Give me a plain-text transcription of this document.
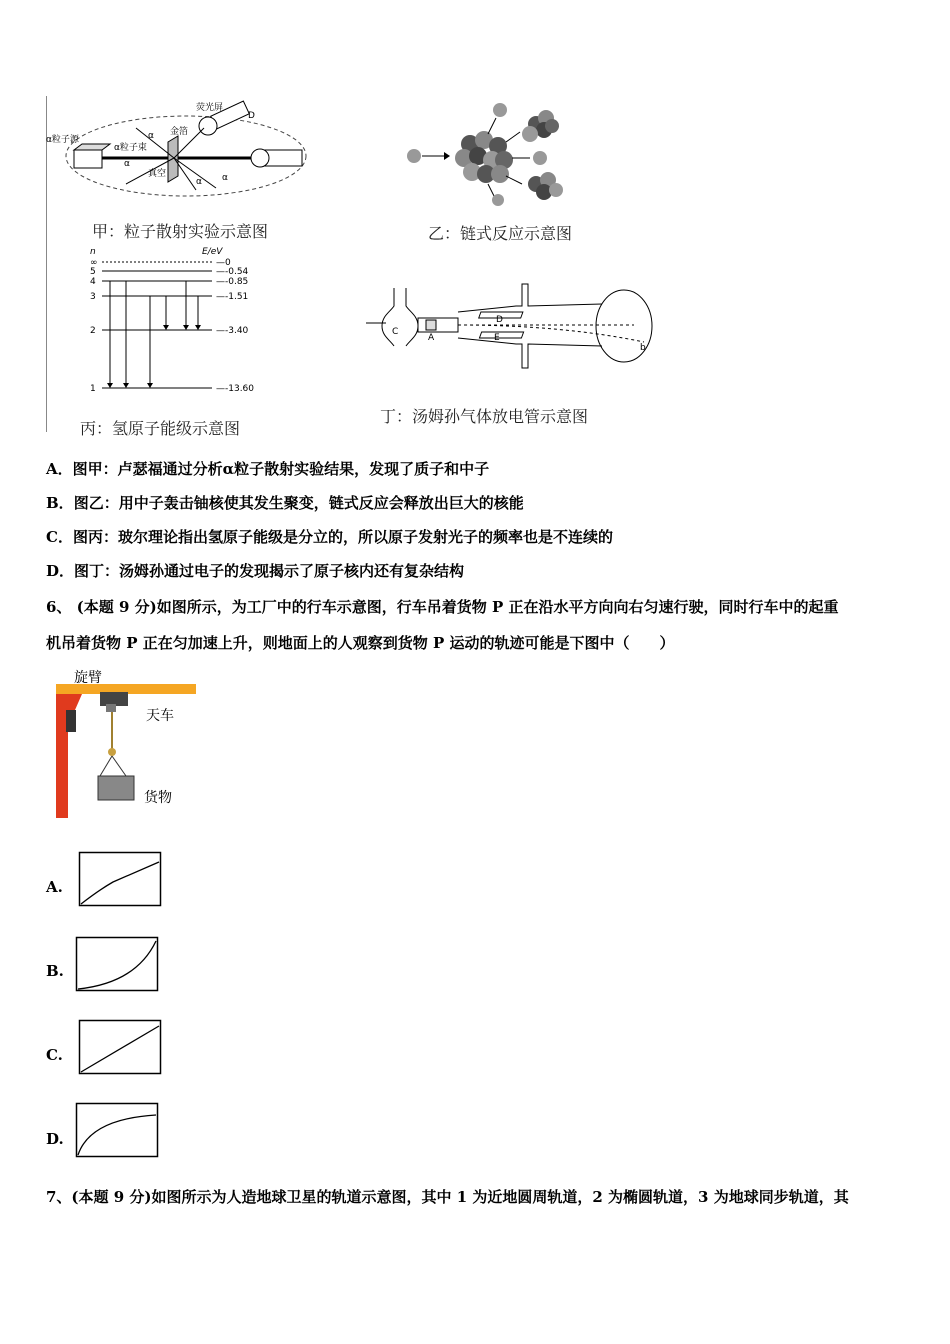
α粒子源
荧光屏
金箔
α粒子束
真空
α
α
α α
D
甲：粒子散射实验示意图	乙：链式反应示意图
n	E/eV
∞	—0
5	—-0.54
4	—-0.85
3	—-1.51
2	—-3.40
1	—-13.60
丙：氢原子能级示意图
C
A
D
E
b
丁：汤姆孙气体放电管示意图
A．图甲：卢瑟福通过分析α粒子散射实验结果，发现了质子和中子
B．图乙：用中子轰击铀核使其发生聚变，链式反应会释放出巨大的核能
C．图丙：玻尔理论指出氢原子能级是分立的，所以原子发射光子的频率也是不连续的
D．图丁：汤姆孙通过电子的发现揭示了原子核内还有复杂结构
6、 (本题 9 分)如图所示，为工厂中的行车示意图，行车吊着货物 P 正在沿水平方向向右匀速行驶，同时行车中的起重
机吊着货物 P 正在匀加速上升，则地面上的人观察到货物 P 运动的轨迹可能是下图中（　　）
旋臂
天车
货物
A.
B.
C.
D.
7、(本题 9 分)如图所示为人造地球卫星的轨道示意图，其中 1 为近地圆周轨道，2 为椭圆轨道，3 为地球同步轨道，其
